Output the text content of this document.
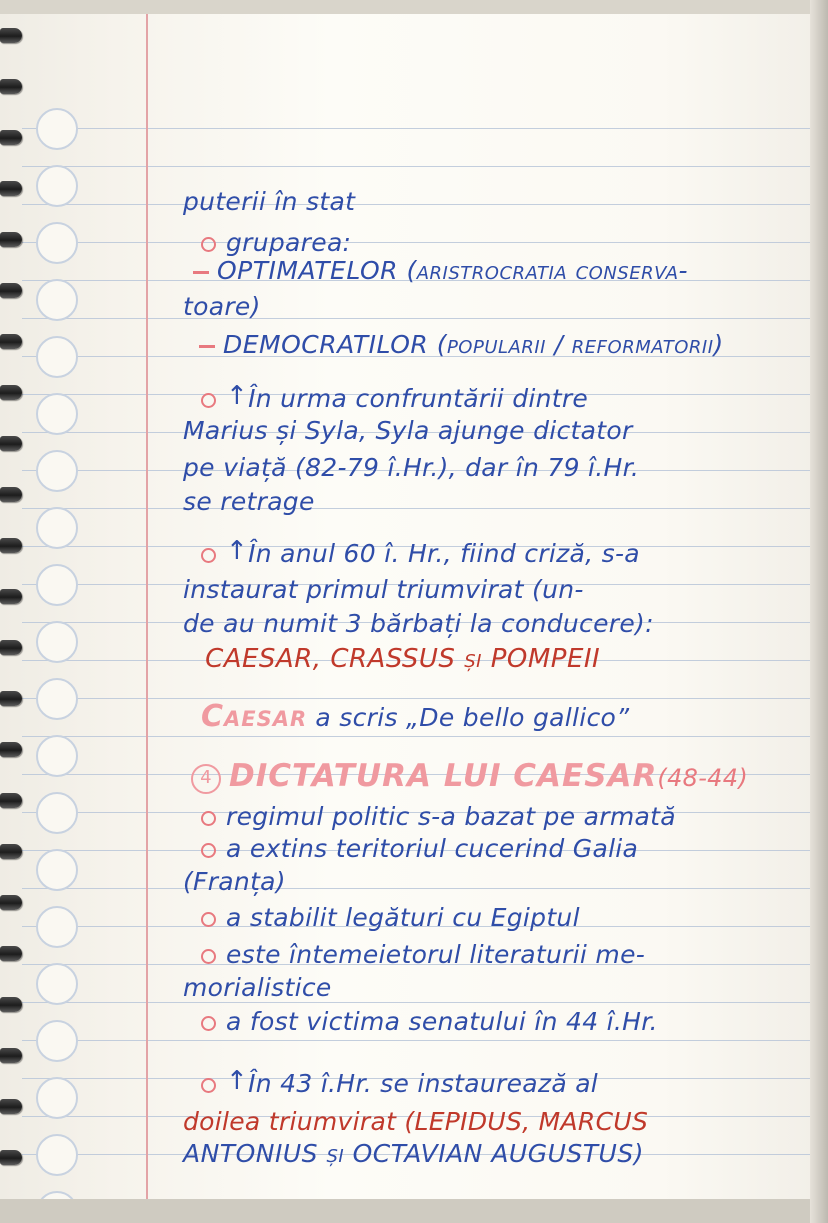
puterii în stat

gruparea:

OPTIMATELOR (aristrocratia conserva-

toare)

DEMOCRATILOR (popularii / reformatorii)

↑În urma confruntării dintre

Marius și Syla, Syla ajunge dictator

pe viață (82-79 î.Hr.), dar în 79 î.Hr.

se retrage

↑În anul 60 î. Hr., fiind criză, s-a

instaurat primul triumvirat (un-

de au numit 3 bărbați la conducere):

CAESAR, CRASSUS și POMPEII

Caesar a scris „De bello gallico”

4 DICTATURA LUI CAESAR(48-44)

regimul politic s-a bazat pe armată

a extins teritoriul cucerind Galia

(Franța)

a stabilit legături cu Egiptul

este întemeietorul literaturii me-

morialistice

a fost victima senatului în 44 î.Hr.

↑În 43 î.Hr. se instaurează al

doilea triumvirat (LEPIDUS, MARCUS

ANTONIUS și OCTAVIAN AUGUSTUS)
